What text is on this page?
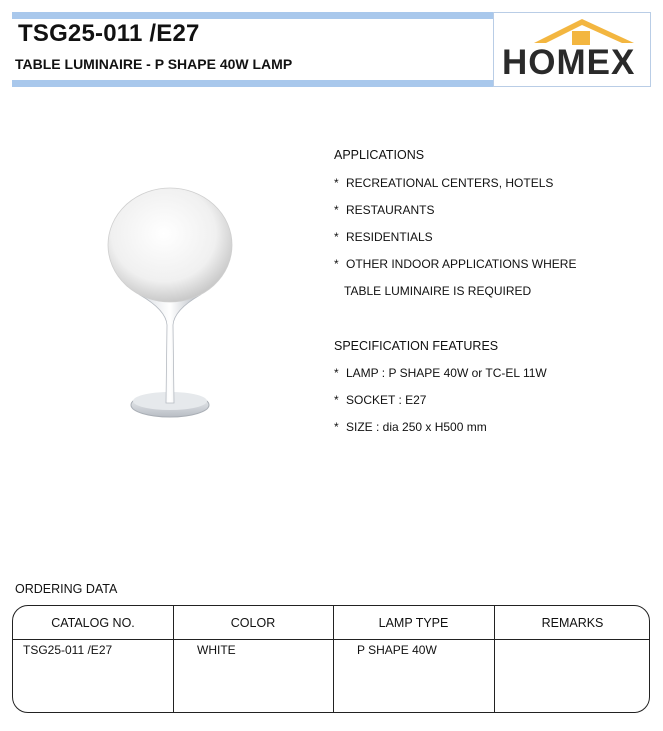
TSG25-011 /E27
TABLE LUMINAIRE - P SHAPE 40W LAMP	HOMEX
APPLICATIONS
* RECREATIONAL CENTERS, HOTELS
* RESTAURANTS
* RESIDENTIALS
* OTHER INDOOR APPLICATIONS WHERE
TABLE LUMINAIRE IS REQUIRED
SPECIFICATION FEATURES
* LAMP : P SHAPE 40W or TC-EL 11W
* SOCKET : E27
* SIZE : dia 250 x H500 mm
ORDERING DATA
CATALOG NO.	COLOR	LAMP TYPE	REMARKS
TSG25-011 /E27	WHITE	P SHAPE 40W
